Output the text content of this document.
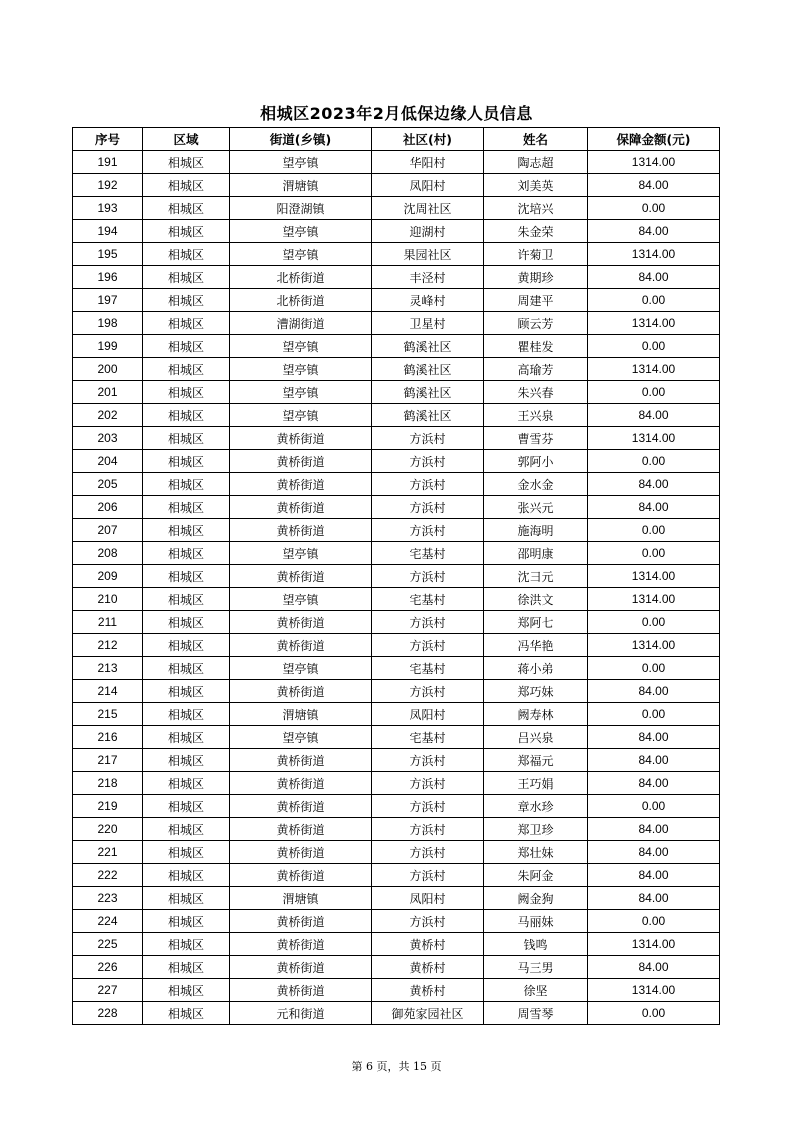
相城区2023年2月低保边缘人员信息
序号	区域	街道(乡镇)	社区(村)	姓名	保障金额(元)
191	相城区	望亭镇	华阳村	陶志超	1314.00
192	相城区	渭塘镇	凤阳村	刘美英	84.00
193	相城区	阳澄湖镇	沈周社区	沈培兴	0.00
194	相城区	望亭镇	迎湖村	朱金荣	84.00
195	相城区	望亭镇	果园社区	许菊卫	1314.00
196	相城区	北桥街道	丰泾村	黄期珍	84.00
197	相城区	北桥街道	灵峰村	周建平	0.00
198	相城区	漕湖街道	卫星村	顾云芳	1314.00
199	相城区	望亭镇	鹤溪社区	瞿桂发	0.00
200	相城区	望亭镇	鹤溪社区	高瑜芳	1314.00
201	相城区	望亭镇	鹤溪社区	朱兴春	0.00
202	相城区	望亭镇	鹤溪社区	王兴泉	84.00
203	相城区	黄桥街道	方浜村	曹雪芬	1314.00
204	相城区	黄桥街道	方浜村	郭阿小	0.00
205	相城区	黄桥街道	方浜村	金水金	84.00
206	相城区	黄桥街道	方浜村	张兴元	84.00
207	相城区	黄桥街道	方浜村	施海明	0.00
208	相城区	望亭镇	宅基村	邵明康	0.00
209	相城区	黄桥街道	方浜村	沈彐元	1314.00
210	相城区	望亭镇	宅基村	徐洪文	1314.00
211	相城区	黄桥街道	方浜村	郑阿七	0.00
212	相城区	黄桥街道	方浜村	冯华艳	1314.00
213	相城区	望亭镇	宅基村	蒋小弟	0.00
214	相城区	黄桥街道	方浜村	郑巧妹	84.00
215	相城区	渭塘镇	凤阳村	阙寿林	0.00
216	相城区	望亭镇	宅基村	吕兴泉	84.00
217	相城区	黄桥街道	方浜村	郑福元	84.00
218	相城区	黄桥街道	方浜村	王巧娟	84.00
219	相城区	黄桥街道	方浜村	章水珍	0.00
220	相城区	黄桥街道	方浜村	郑卫珍	84.00
221	相城区	黄桥街道	方浜村	郑壮妹	84.00
222	相城区	黄桥街道	方浜村	朱阿金	84.00
223	相城区	渭塘镇	凤阳村	阙金狗	84.00
224	相城区	黄桥街道	方浜村	马丽妹	0.00
225	相城区	黄桥街道	黄桥村	钱鸣	1314.00
226	相城区	黄桥街道	黄桥村	马三男	84.00
227	相城区	黄桥街道	黄桥村	徐坚	1314.00
228	相城区	元和街道	御苑家园社区	周雪琴	0.00
第 6 页，共 15 页
